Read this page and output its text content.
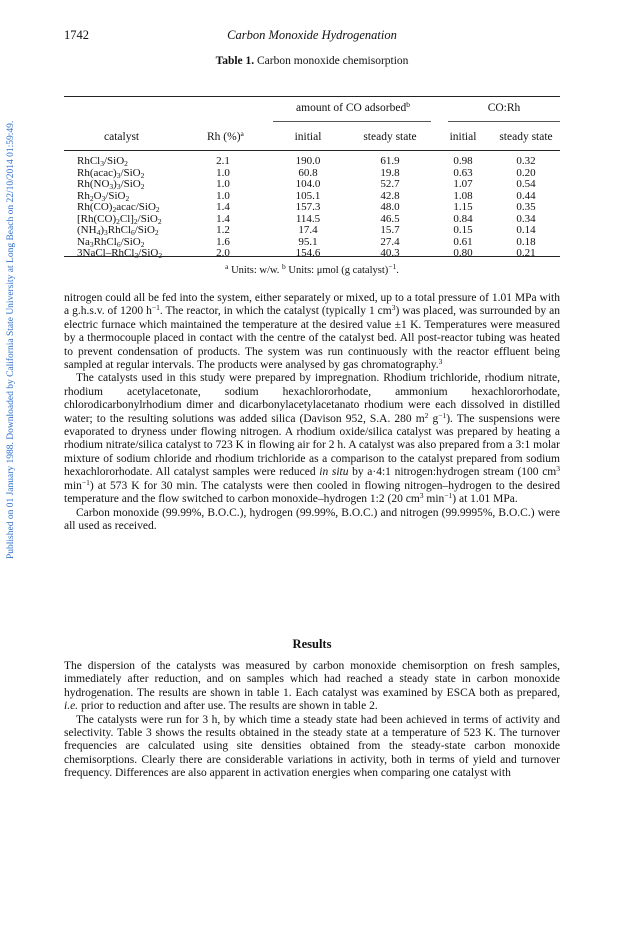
Published on 01 January 1988. Downloaded by California State University at Long Beach on 22/10/2014 01:59:49.
1742	Carbon Monoxide Hydrogenation
Table 1. Carbon monoxide chemisorption
amount of CO adsorbed$^b$	CO:Rh
catalyst	Rh (%)$^a$	initial	steady state	initial	steady state
RhCl$_3$/SiO$_2$	2.1	190.0	61.9	0.98	0.32
$Rh(acac)_3/SiO_2$	1.0	60.8	19.8	0.63	0.20
$Rh(NO_3)_3/SiO_2$	1.0	104.0	52.7	1.07	0.54
$Rh_2O_3/SiO_2$	1.0	105.1	42.8	1.08	0.44
$Rh(CO)_2acac/SiO_2$	1.4	157.3	48.0	1.15	0.35
$[Rh(CO)_2Cl]_2/SiO_2$	1.4	114.5	46.5	0.84	0.34
$(NH_4)_3RhCl_6/SiO_2$	1.2	17.4	15.7	0.15	0.14
$Na_3RhCl_6/SiO_2$	1.6	95.1	27.4	0.61	0.18
3NaCl–RhCl$_3$/SiO$_2$	2.0	154.6	40.3	0.80	0.21
$^a$ Units: w/w. $^b$ Units: μmol (g catalyst)$^{-1}$.

nitrogen could all be fed into the system, either separately or mixed, up to a total pressure of 1.01 MPa with a g.h.s.v. of 1200 $h^{-1}$. The reactor, in which the catalyst (typically 1 $cm^3$) was placed, was surrounded by an electric furnace which maintained the temperature at the desired value ±1 K. Temperatures were measured by a thermocouple placed in contact with the centre of the catalyst bed. All post-reactor tubing was heated to prevent condensation of products. The system was run continuously with the reactor effluent being sampled at regular intervals. The products were analysed by gas chromatography.$^3$

The catalysts used in this study were prepared by impregnation. Rhodium trichloride, rhodium nitrate, rhodium acetylacetonate, sodium hexachlororhodate, ammonium hexachlororhodate, chlorodicarbonylrhodium dimer and dicarbonylacetylacetanato rhodium were each dissolved in distilled water; to the resulting solutions was added silica (Davison 952, S.A. 280 $m^2$ $g^{-1}$). The suspensions were evaporated to dryness under flowing nitrogen. A rhodium oxide/silica catalyst was prepared by heating a rhodium nitrate/silica catalyst to 723 K in flowing air for 2 h. A catalyst was also prepared from a 3:1 molar mixture of sodium chloride and rhodium trichloride as a comparison to the catalyst prepared from sodium hexachlororhodate. All catalyst samples were reduced in situ by a·4:1 nitrogen:hydrogen stream (100 $cm^3$ $\min^{-1}$) at 573 K for 30 min. The catalysts were then cooled in flowing nitrogen–hydrogen to the desired temperature and the flow switched to carbon monoxide–hydrogen 1:2 (20 $cm^3$ $\min^{-1}$) at 1.01 MPa.

Carbon monoxide (99.99%, B.O.C.), hydrogen (99.99%, B.O.C.) and nitrogen (99.9995%, B.O.C.) were all used as received.

Results

The dispersion of the catalysts was measured by carbon monoxide chemisorption on fresh samples, immediately after reduction, and on samples which had reached a steady state in carbon monoxide hydrogenation. The results are shown in table 1. Each catalyst was examined by ESCA both as prepared, i.e. prior to reduction and after use. The results are shown in table 2.

The catalysts were run for 3 h, by which time a steady state had been achieved in terms of activity and selectivity. Table 3 shows the results obtained in the steady state at a temperature of 523 K. The turnover frequencies are calculated using site densities obtained from the steady-state carbon monoxide chemisorptions. Clearly there are considerable variations in activity, both in terms of yield and turnover frequency. Differences are also apparent in activation energies when comparing one catalyst with
